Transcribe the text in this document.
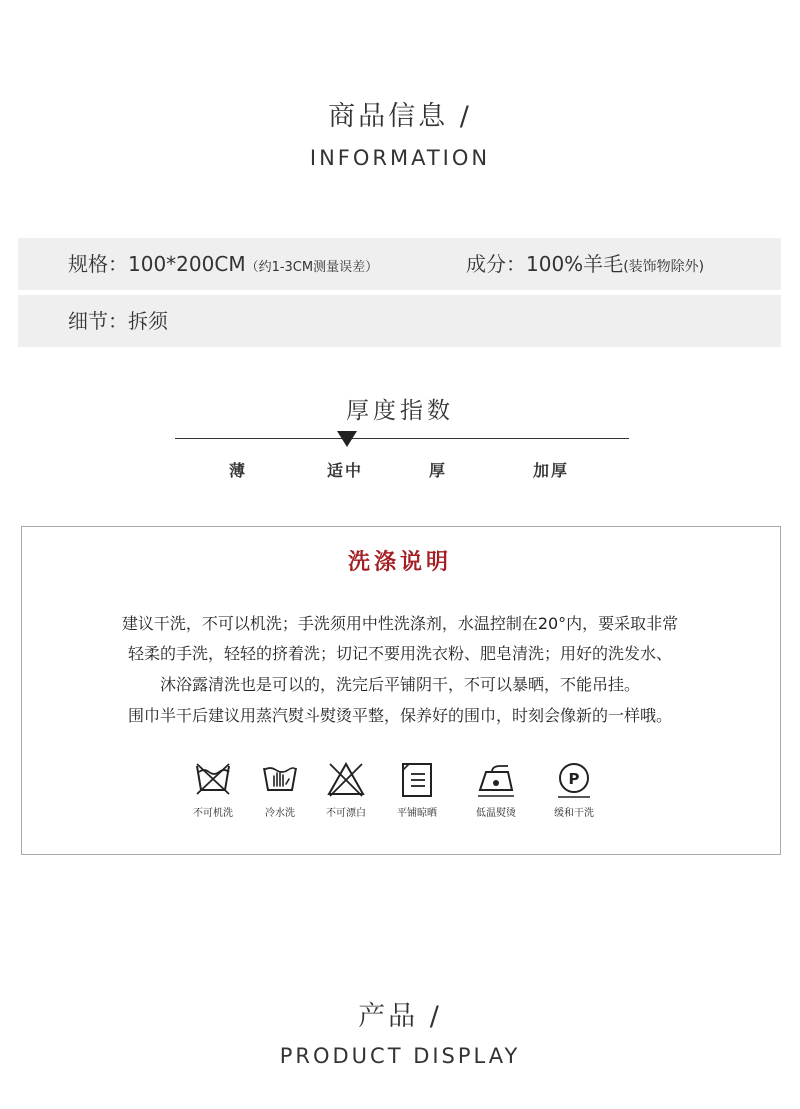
商品信息 /
INFORMATION
规格：100*200CM（约1-3CM测量误差）	成分：100%羊毛(装饰物除外)
细节：拆须
厚度指数
薄	适中	厚	加厚
洗涤说明
建议干洗，不可以机洗；手洗须用中性洗涤剂，水温控制在20°内，要采取非常
轻柔的手洗，轻轻的挤着洗；切记不要用洗衣粉、肥皂清洗；用好的洗发水、
沐浴露清洗也是可以的，洗完后平铺阴干，不可以暴晒，不能吊挂。
围巾半干后建议用蒸汽熨斗熨烫平整，保养好的围巾，时刻会像新的一样哦。
P
不可机洗	冷水洗	不可漂白	平铺晾晒	低温熨烫	缓和干洗
产品 /
PRODUCT DISPLAY
